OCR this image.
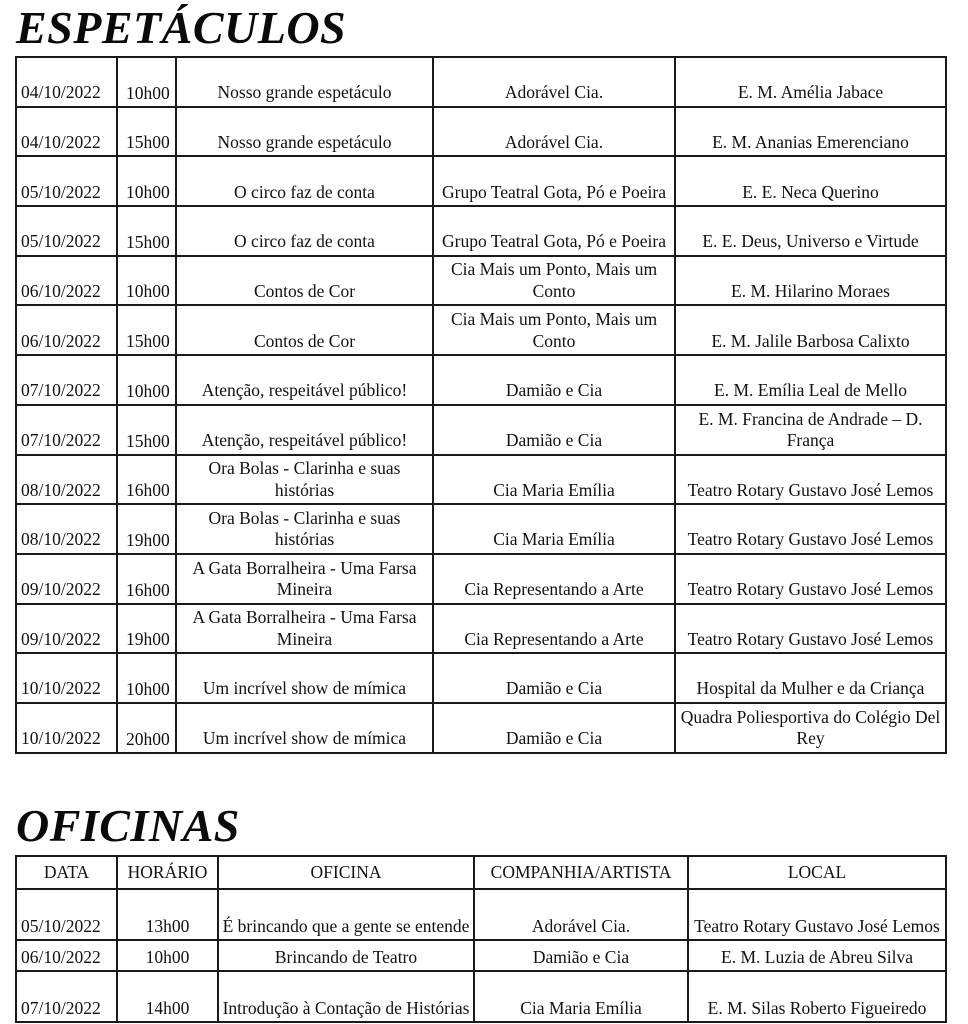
ESPETÁCULOS
04/10/2022	10h00	Nosso grande espetáculo	Adorável Cia.	E. M. Amélia Jabace
04/10/2022	15h00	Nosso grande espetáculo	Adorável Cia.	E. M. Ananias Emerenciano
05/10/2022	10h00	O circo faz de conta	Grupo Teatral Gota, Pó e Poeira	E. E. Neca Querino
05/10/2022	15h00	O circo faz de conta	Grupo Teatral Gota, Pó e Poeira	E. E. Deus, Universo e Virtude
06/10/2022	10h00	Contos de Cor	Cia Mais um Ponto, Mais um Conto	E. M. Hilarino Moraes
06/10/2022	15h00	Contos de Cor	Cia Mais um Ponto, Mais um Conto	E. M. Jalile Barbosa Calixto
07/10/2022	10h00	Atenção, respeitável público!	Damião e Cia	E. M. Emília Leal de Mello
07/10/2022	15h00	Atenção, respeitável público!	Damião e Cia	E. M. Francina de Andrade – D. França
08/10/2022	16h00	Ora Bolas - Clarinha e suas histórias	Cia Maria Emília	Teatro Rotary Gustavo José Lemos
08/10/2022	19h00	Ora Bolas - Clarinha e suas histórias	Cia Maria Emília	Teatro Rotary Gustavo José Lemos
09/10/2022	16h00	A Gata Borralheira - Uma Farsa Mineira	Cia Representando a Arte	Teatro Rotary Gustavo José Lemos
09/10/2022	19h00	A Gata Borralheira - Uma Farsa Mineira	Cia Representando a Arte	Teatro Rotary Gustavo José Lemos
10/10/2022	10h00	Um incrível show de mímica	Damião e Cia	Hospital da Mulher e da Criança
10/10/2022	20h00	Um incrível show de mímica	Damião e Cia	Quadra Poliesportiva do Colégio Del Rey
OFICINAS
DATA	HORÁRIO	OFICINA	COMPANHIA/ARTISTA	LOCAL
05/10/2022	13h00	É brincando que a gente se entende	Adorável Cia.	Teatro Rotary Gustavo José Lemos
06/10/2022	10h00	Brincando de Teatro	Damião e Cia	E. M. Luzia de Abreu Silva
07/10/2022	14h00	Introdução à Contação de Histórias	Cia Maria Emília	E. M. Silas Roberto Figueiredo
